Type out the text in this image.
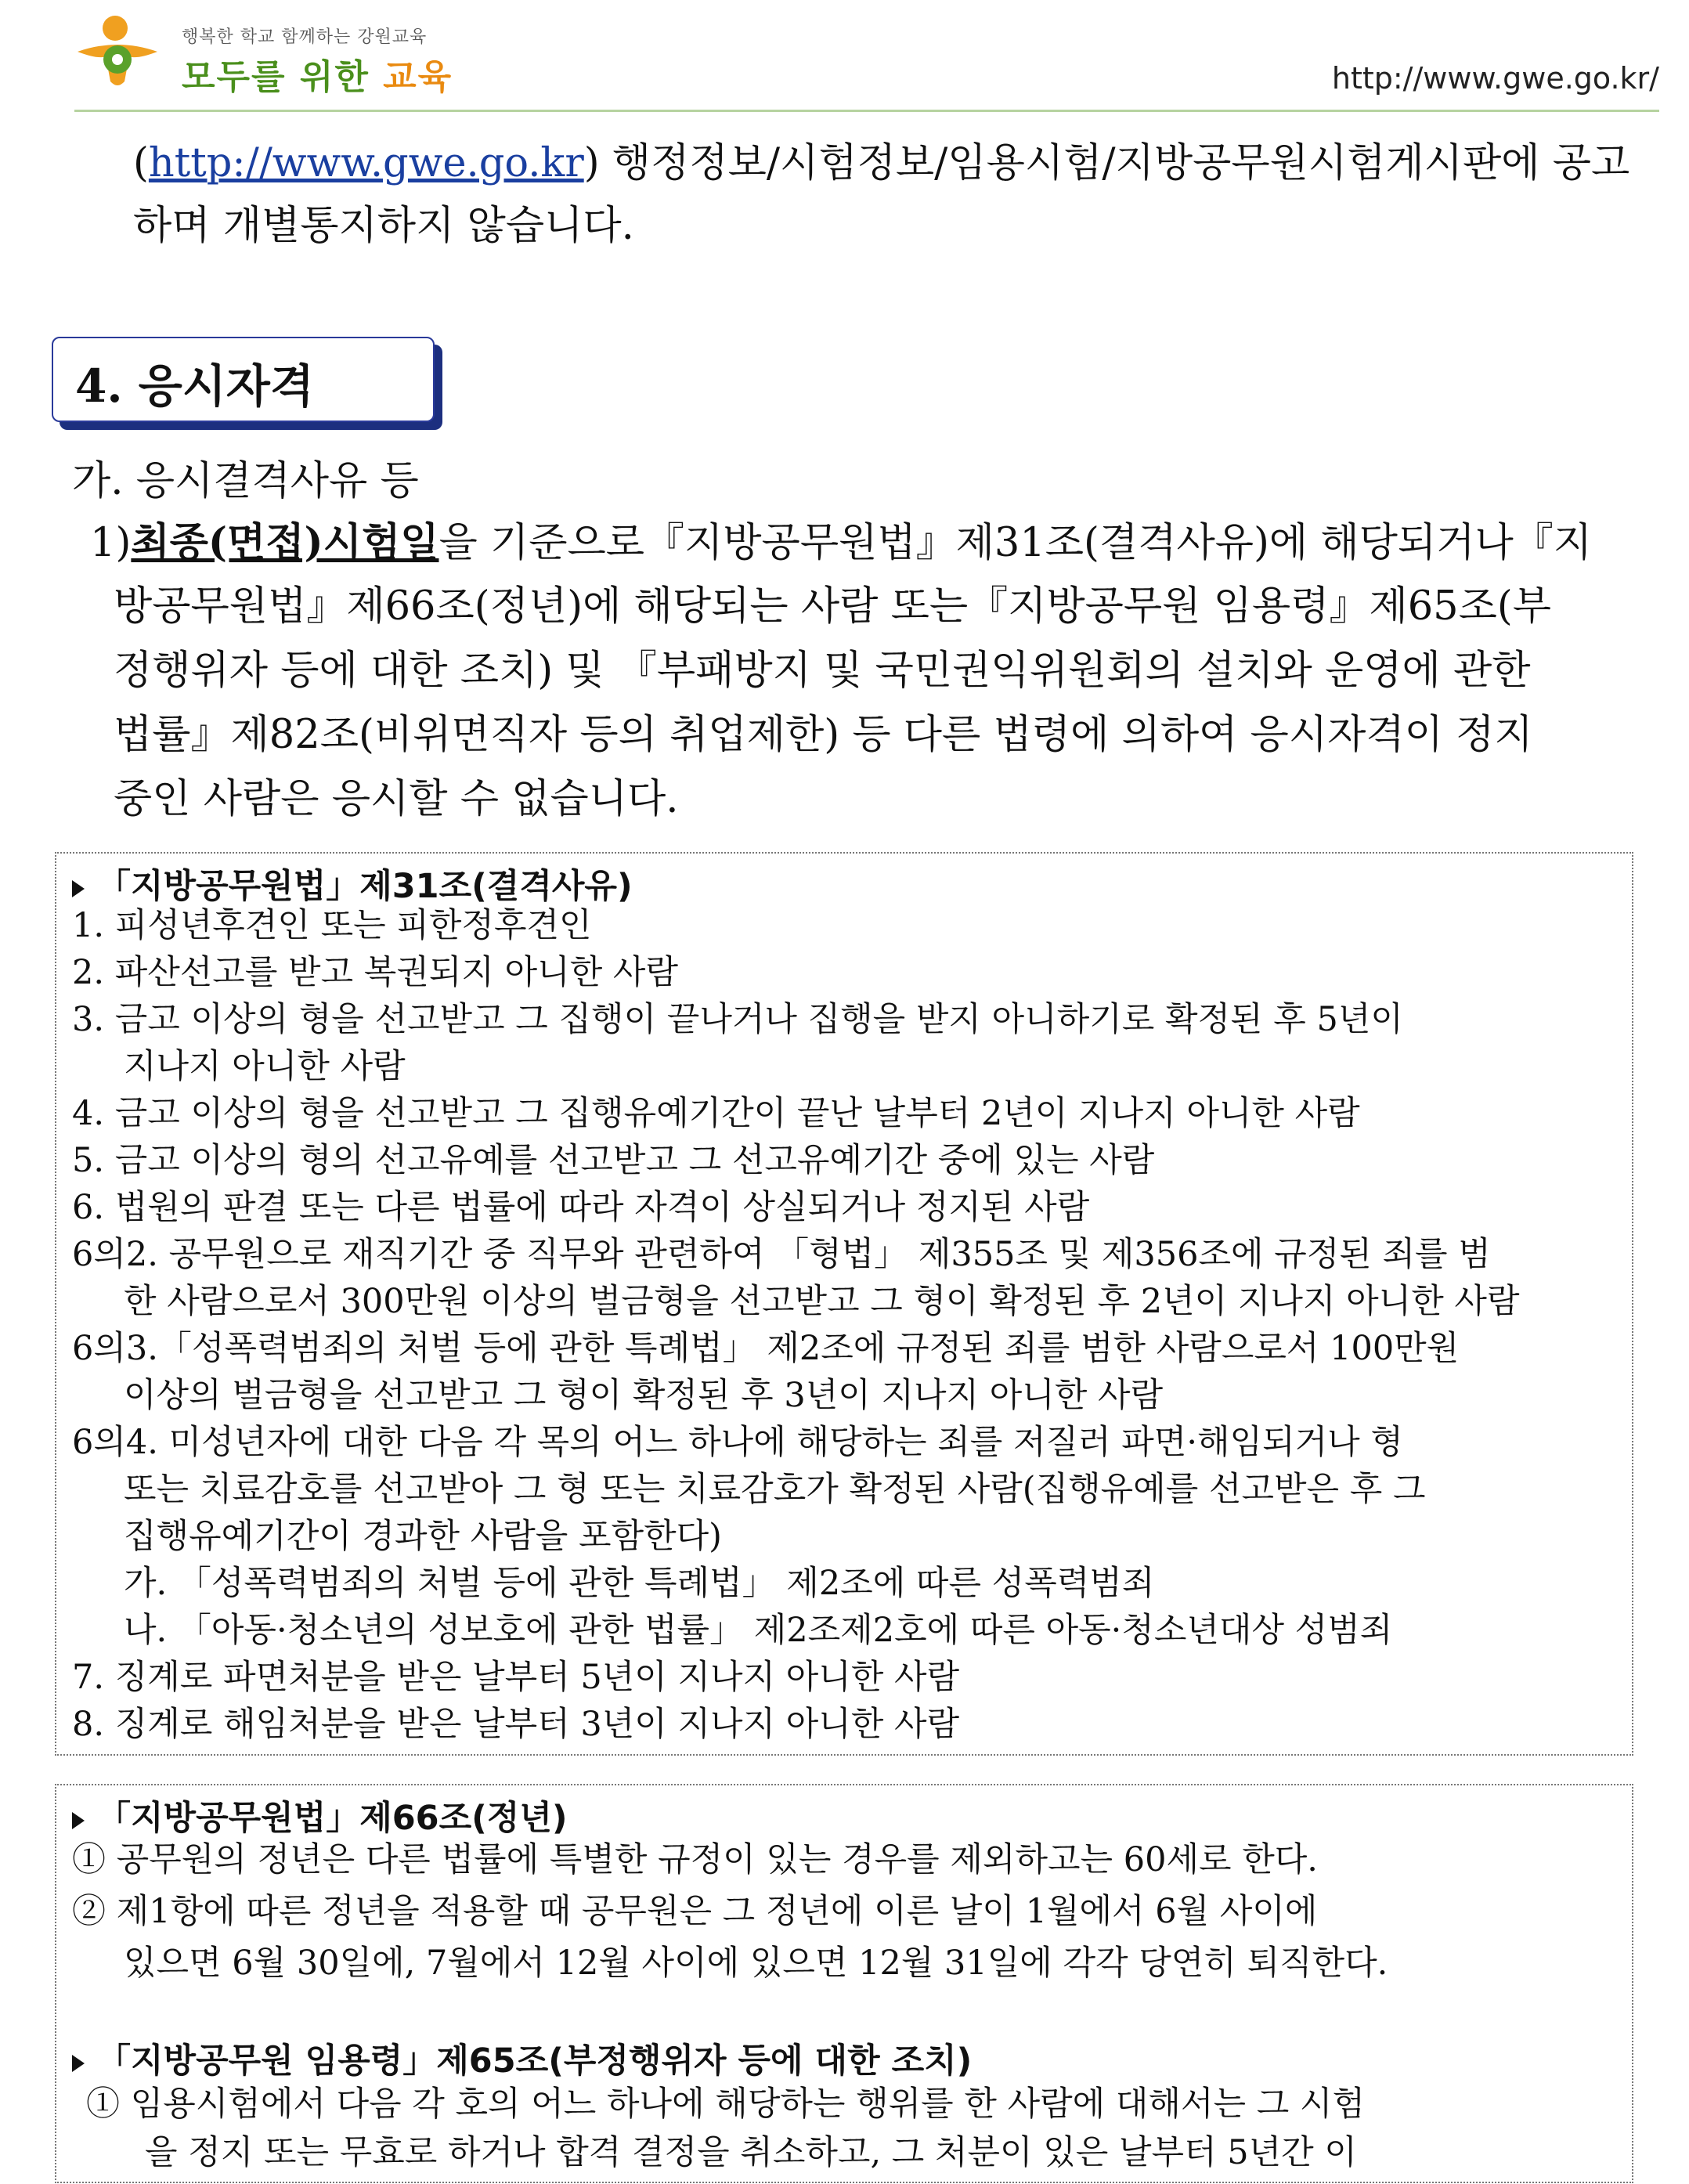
행복한 학교 함께하는 강원교육
모두를 위한 교육	http://www.gwe.go.kr/
(http://www.gwe.go.kr) 행정정보/시험정보/임용시험/지방공무원시험게시판에 공고
하며 개별통지하지 않습니다.
4. 응시자격
가. 응시결격사유 등
1)최종(면접)시험일을 기준으로『지방공무원법』제31조(결격사유)에 해당되거나『지
방공무원법』제66조(정년)에 해당되는 사람 또는『지방공무원 임용령』제65조(부
정행위자 등에 대한 조치) 및 『부패방지 및 국민권익위원회의 설치와 운영에 관한
법률』제82조(비위면직자 등의 취업제한) 등 다른 법령에 의하여 응시자격이 정지
중인 사람은 응시할 수 없습니다.
「지방공무원법」제31조(결격사유)
1. 피성년후견인 또는 피한정후견인
2. 파산선고를 받고 복권되지 아니한 사람
3. 금고 이상의 형을 선고받고 그 집행이 끝나거나 집행을 받지 아니하기로 확정된 후 5년이
지나지 아니한 사람
4. 금고 이상의 형을 선고받고 그 집행유예기간이 끝난 날부터 2년이 지나지 아니한 사람
5. 금고 이상의 형의 선고유예를 선고받고 그 선고유예기간 중에 있는 사람
6. 법원의 판결 또는 다른 법률에 따라 자격이 상실되거나 정지된 사람
6의2. 공무원으로 재직기간 중 직무와 관련하여 「형법」 제355조 및 제356조에 규정된 죄를 범
한 사람으로서 300만원 이상의 벌금형을 선고받고 그 형이 확정된 후 2년이 지나지 아니한 사람
6의3.「성폭력범죄의 처벌 등에 관한 특례법」 제2조에 규정된 죄를 범한 사람으로서 100만원
이상의 벌금형을 선고받고 그 형이 확정된 후 3년이 지나지 아니한 사람
6의4. 미성년자에 대한 다음 각 목의 어느 하나에 해당하는 죄를 저질러 파면·해임되거나 형
또는 치료감호를 선고받아 그 형 또는 치료감호가 확정된 사람(집행유예를 선고받은 후 그
집행유예기간이 경과한 사람을 포함한다)
가. 「성폭력범죄의 처벌 등에 관한 특례법」 제2조에 따른 성폭력범죄
나. 「아동·청소년의 성보호에 관한 법률」 제2조제2호에 따른 아동·청소년대상 성범죄
7. 징계로 파면처분을 받은 날부터 5년이 지나지 아니한 사람
8. 징계로 해임처분을 받은 날부터 3년이 지나지 아니한 사람
「지방공무원법」제66조(정년)
① 공무원의 정년은 다른 법률에 특별한 규정이 있는 경우를 제외하고는 60세로 한다.
② 제1항에 따른 정년을 적용할 때 공무원은 그 정년에 이른 날이 1월에서 6월 사이에
있으면 6월 30일에, 7월에서 12월 사이에 있으면 12월 31일에 각각 당연히 퇴직한다.
「지방공무원 임용령」제65조(부정행위자 등에 대한 조치)
① 임용시험에서 다음 각 호의 어느 하나에 해당하는 행위를 한 사람에 대해서는 그 시험
을 정지 또는 무효로 하거나 합격 결정을 취소하고, 그 처분이 있은 날부터 5년간 이
